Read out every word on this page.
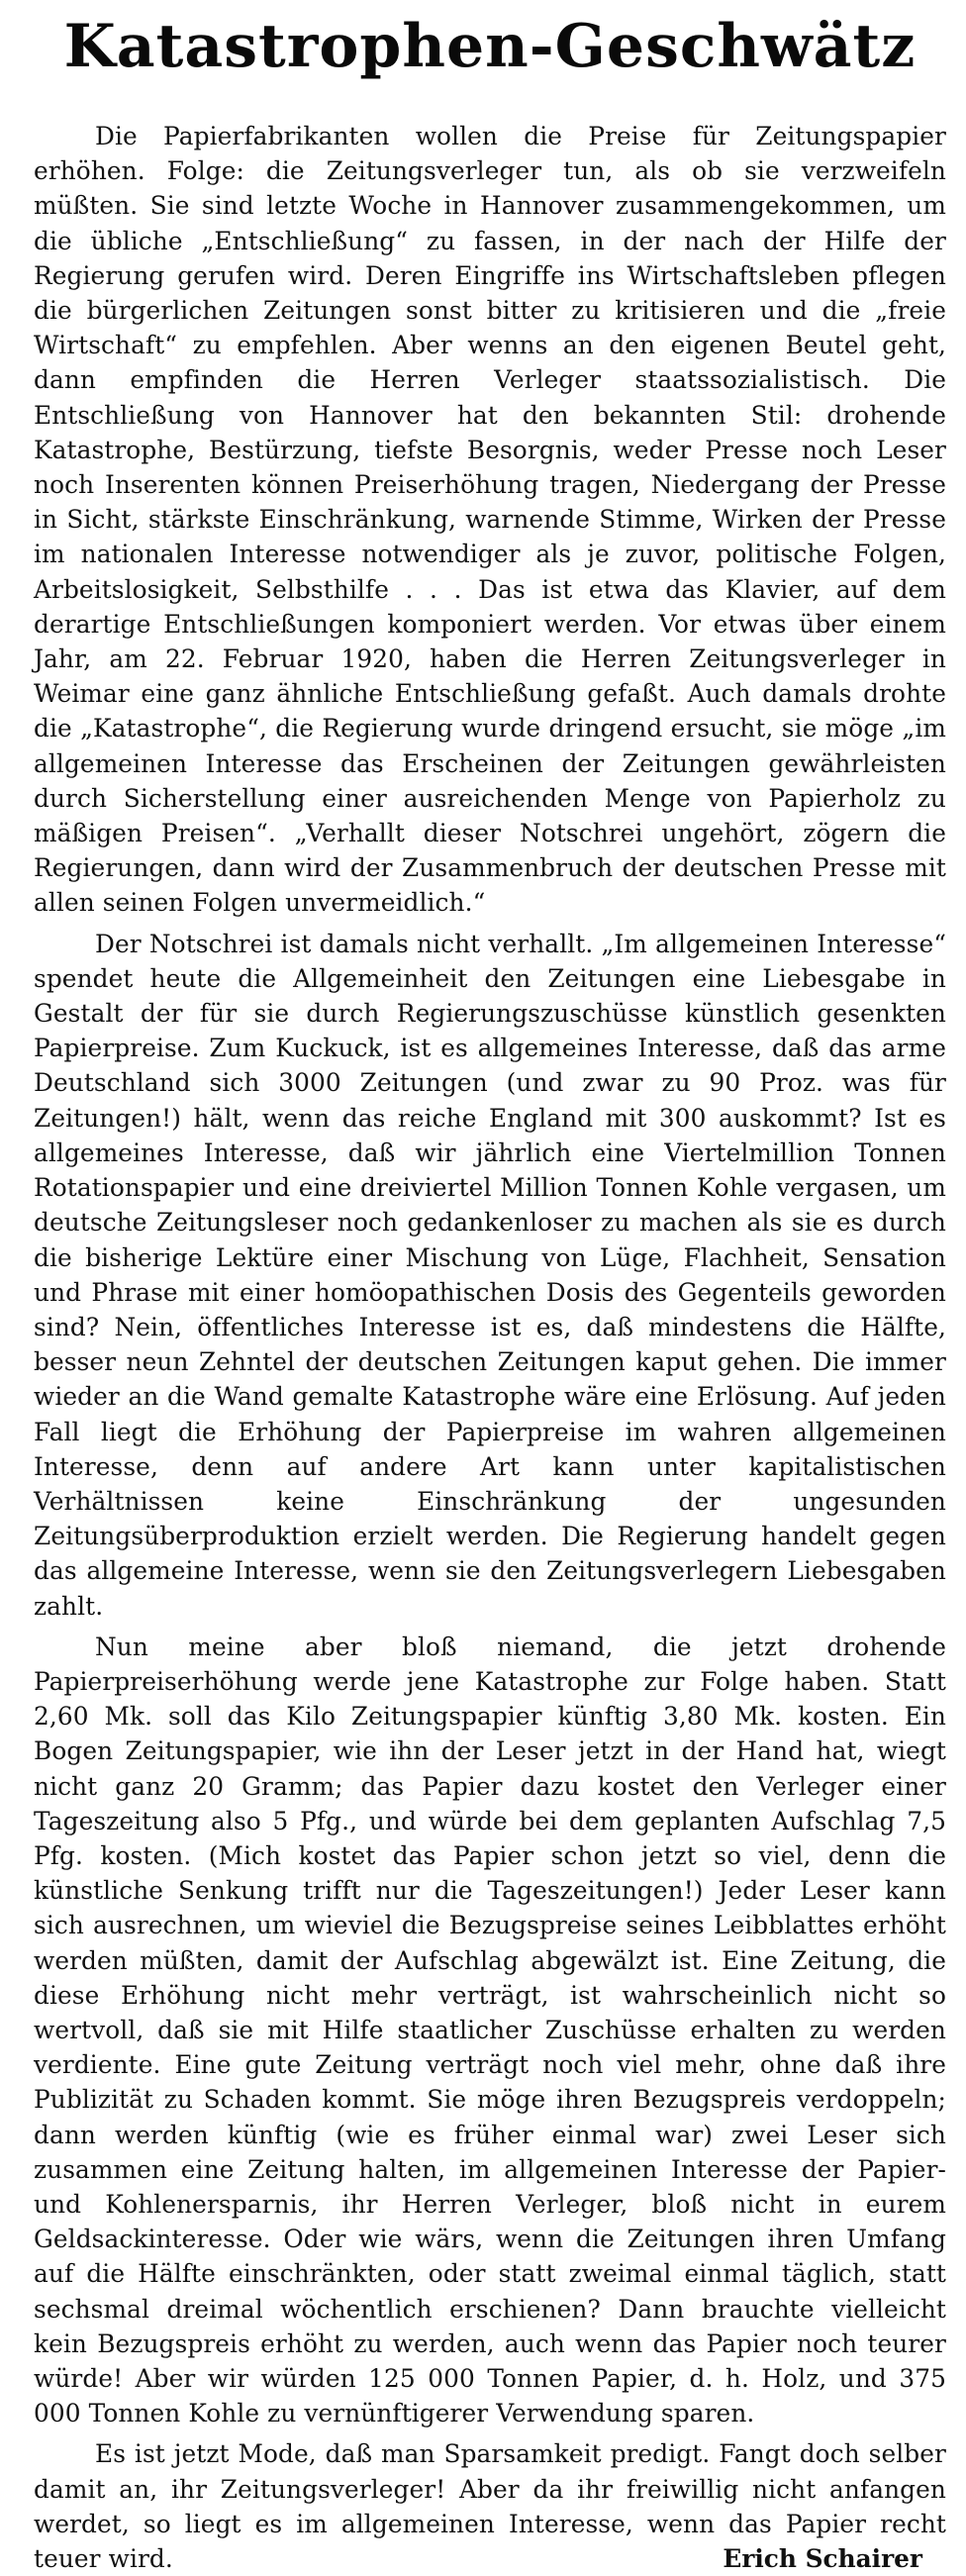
Katastrophen-Geschwätz

Die Papierfabrikanten wollen die Preise für Zeitungspapier erhöhen. Folge: die Zeitungsverleger tun, als ob sie verzweifeln müßten. Sie sind letzte Woche in Hannover zusammengekommen, um die übliche „Entschließung“ zu fassen, in der nach der Hilfe der Regierung gerufen wird. Deren Eingriffe ins Wirtschaftsleben pflegen die bürgerlichen Zeitungen sonst bitter zu kritisieren und die „freie Wirtschaft“ zu empfehlen. Aber wenns an den eigenen Beutel geht, dann empfinden die Herren Verleger staatssozialistisch. Die Entschließung von Hannover hat den bekannten Stil: drohende Katastrophe, Bestürzung, tiefste Besorgnis, weder Presse noch Leser noch Inserenten können Preiserhöhung tragen, Niedergang der Presse in Sicht, stärkste Einschränkung, warnende Stimme, Wirken der Presse im nationalen Interesse notwendiger als je zuvor, politische Folgen, Arbeitslosigkeit, Selbsthilfe . . . Das ist etwa das Klavier, auf dem derartige Entschließungen komponiert werden. Vor etwas über einem Jahr, am 22. Februar 1920, haben die Herren Zeitungsverleger in Weimar eine ganz ähnliche Entschließung gefaßt. Auch damals drohte die „Katastrophe“, die Regierung wurde dringend ersucht, sie möge „im allgemeinen Interesse das Erscheinen der Zeitungen gewährleisten durch Sicherstellung einer ausreichenden Menge von Papierholz zu mäßigen Preisen“. „Verhallt dieser Notschrei ungehört, zögern die Regierungen, dann wird der Zusammenbruch der deutschen Presse mit allen seinen Folgen unvermeidlich.“

Der Notschrei ist damals nicht verhallt. „Im allgemeinen Interesse“ spendet heute die Allgemeinheit den Zeitungen eine Liebesgabe in Gestalt der für sie durch Regierungszuschüsse künstlich gesenkten Papierpreise. Zum Kuckuck, ist es allgemeines Interesse, daß das arme Deutschland sich 3000 Zeitungen (und zwar zu 90 Proz. was für Zeitungen!) hält, wenn das reiche England mit 300 auskommt? Ist es allgemeines Interesse, daß wir jährlich eine Viertelmillion Tonnen Rotationspapier und eine dreiviertel Million Tonnen Kohle vergasen, um deutsche Zeitungsleser noch gedankenloser zu machen als sie es durch die bisherige Lektüre einer Mischung von Lüge, Flachheit, Sensation und Phrase mit einer homöopathischen Dosis des Gegenteils geworden sind? Nein, öffentliches Interesse ist es, daß mindestens die Hälfte, besser neun Zehntel der deutschen Zeitungen kaput gehen. Die immer wieder an die Wand gemalte Katastrophe wäre eine Erlösung. Auf jeden Fall liegt die Erhöhung der Papierpreise im wahren allgemeinen Interesse, denn auf andere Art kann unter kapitalistischen Verhältnissen keine Einschränkung der ungesunden Zeitungsüberproduktion erzielt werden. Die Regierung handelt gegen das allgemeine Interesse, wenn sie den Zeitungsverlegern Liebesgaben zahlt.

Nun meine aber bloß niemand, die jetzt drohende Papierpreiserhöhung werde jene Katastrophe zur Folge haben. Statt 2,60 Mk. soll das Kilo Zeitungspapier künftig 3,80 Mk. kosten. Ein Bogen Zeitungspapier, wie ihn der Leser jetzt in der Hand hat, wiegt nicht ganz 20 Gramm; das Papier dazu kostet den Verleger einer Tageszeitung also 5 Pfg., und würde bei dem geplanten Aufschlag 7,5 Pfg. kosten. (Mich kostet das Papier schon jetzt so viel, denn die künstliche Senkung trifft nur die Tageszeitungen!) Jeder Leser kann sich ausrechnen, um wieviel die Bezugspreise seines Leibblattes erhöht werden müßten, damit der Aufschlag abgewälzt ist. Eine Zeitung, die diese Erhöhung nicht mehr verträgt, ist wahrscheinlich nicht so wertvoll, daß sie mit Hilfe staatlicher Zuschüsse erhalten zu werden verdiente. Eine gute Zeitung verträgt noch viel mehr, ohne daß ihre Publizität zu Schaden kommt. Sie möge ihren Bezugspreis verdoppeln; dann werden künftig (wie es früher einmal war) zwei Leser sich zusammen eine Zeitung halten, im allgemeinen Interesse der Papier- und Kohlenersparnis, ihr Herren Verleger, bloß nicht in eurem Geldsackinteresse. Oder wie wärs, wenn die Zeitungen ihren Umfang auf die Hälfte einschränkten, oder statt zweimal einmal täglich, statt sechsmal dreimal wöchentlich erschienen? Dann brauchte vielleicht kein Bezugspreis erhöht zu werden, auch wenn das Papier noch teurer würde! Aber wir würden 125 000 Tonnen Papier, d. h. Holz, und 375 000 Tonnen Kohle zu vernünftigerer Verwendung sparen.

Es ist jetzt Mode, daß man Sparsamkeit predigt. Fangt doch selber damit an, ihr Zeitungsverleger! Aber da ihr freiwillig nicht anfangen werdet, so liegt es im allgemeinen Interesse, wenn das Papier recht teuer wird.	Erich Schairer
